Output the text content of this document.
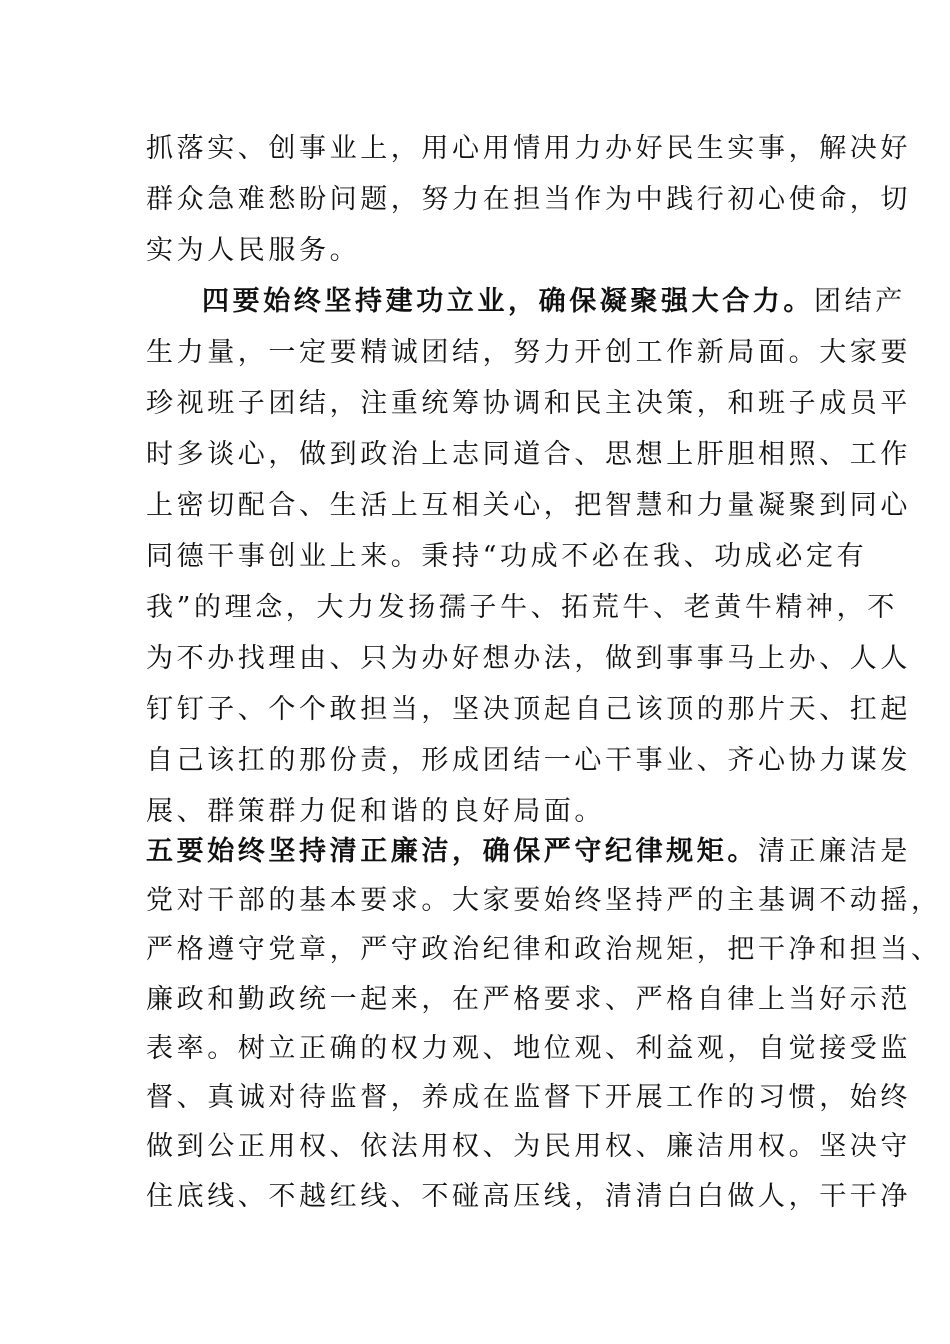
抓落实、创事业上，用心用情用力办好民生实事，解决好
群众急难愁盼问题，努力在担当作为中践行初心使命，切
实为人民服务。
四要始终坚持建功立业，确保凝聚强大合力。团结产
生力量，一定要精诚团结，努力开创工作新局面。大家要
珍视班子团结，注重统筹协调和民主决策，和班子成员平
时多谈心，做到政治上志同道合、思想上肝胆相照、工作
上密切配合、生活上互相关心，把智慧和力量凝聚到同心
同德干事创业上来。秉持“功成不必在我、功成必定有
我”的理念，大力发扬孺子牛、拓荒牛、老黄牛精神，不
为不办找理由、只为办好想办法，做到事事马上办、人人
钉钉子、个个敢担当，坚决顶起自己该顶的那片天、扛起
自己该扛的那份责，形成团结一心干事业、齐心协力谋发
展、群策群力促和谐的良好局面。
五要始终坚持清正廉洁，确保严守纪律规矩。清正廉洁是
党对干部的基本要求。大家要始终坚持严的主基调不动摇，
严格遵守党章，严守政治纪律和政治规矩，把干净和担当、
廉政和勤政统一起来，在严格要求、严格自律上当好示范
表率。树立正确的权力观、地位观、利益观，自觉接受监
督、真诚对待监督，养成在监督下开展工作的习惯，始终
做到公正用权、依法用权、为民用权、廉洁用权。坚决守
住底线、不越红线、不碰高压线，清清白白做人，干干净
